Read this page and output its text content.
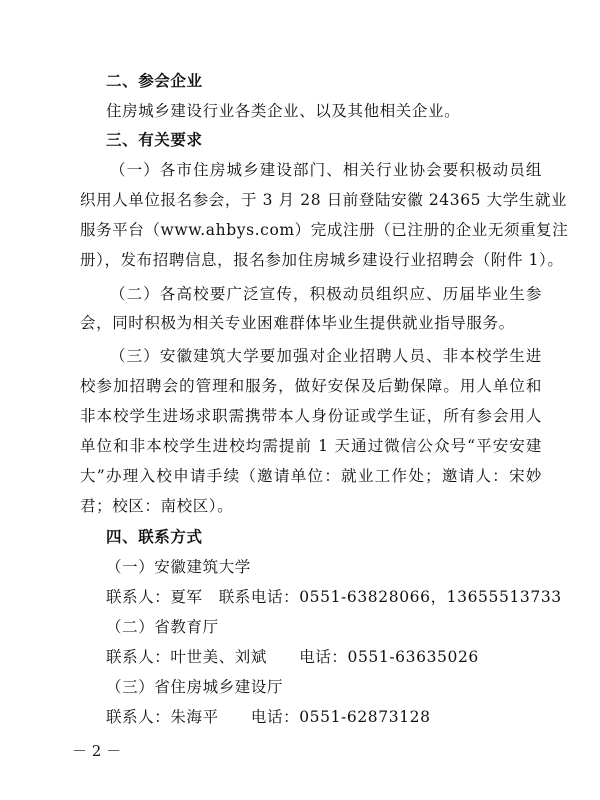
二、参会企业
住房城乡建设行业各类企业、以及其他相关企业。
三、有关要求
（一）各市住房城乡建设部门、相关行业协会要积极动员组
织用人单位报名参会，于 3 月 28 日前登陆安徽 24365 大学生就业
服务平台（www.ahbys.com）完成注册（已注册的企业无须重复注
册），发布招聘信息，报名参加住房城乡建设行业招聘会（附件 1）。
（二）各高校要广泛宣传，积极动员组织应、历届毕业生参
会，同时积极为相关专业困难群体毕业生提供就业指导服务。
（三）安徽建筑大学要加强对企业招聘人员、非本校学生进
校参加招聘会的管理和服务，做好安保及后勤保障。用人单位和
非本校学生进场求职需携带本人身份证或学生证，所有参会用人
单位和非本校学生进校均需提前 1 天通过微信公众号“平安安建
大”办理入校申请手续（邀请单位：就业工作处；邀请人：宋妙
君；校区：南校区）。
四、联系方式
（一）安徽建筑大学
联系人：夏军　联系电话：0551-63828066，13655513733
（二）省教育厅
联系人：叶世美、刘斌　　电话：0551-63635026
（三）省住房城乡建设厅
联系人：朱海平　　电话：0551-62873128
－ 2 －
